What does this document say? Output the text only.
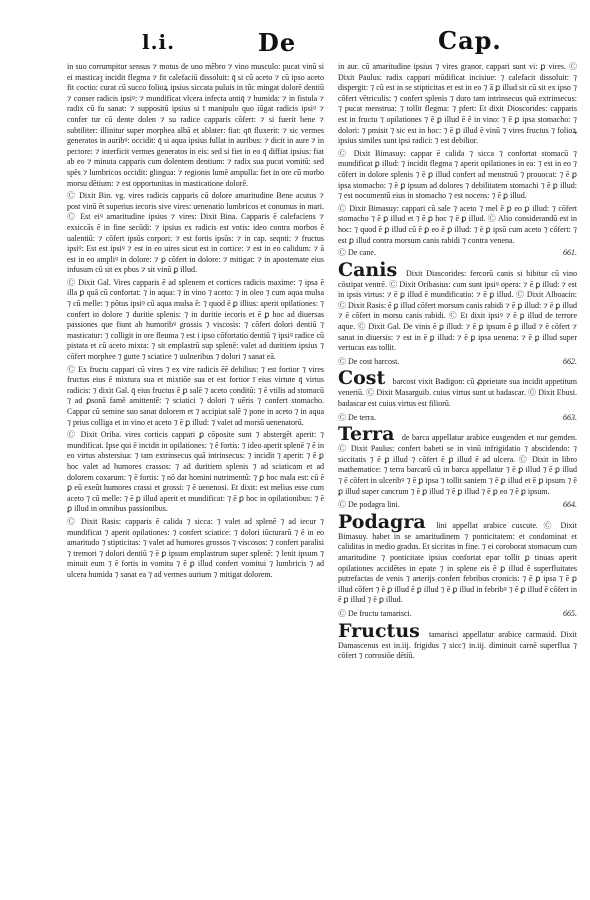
l.i.	De	Cap.

in suo corrumpitur sensus ⁊ motus de uno mēbro ⁊ vino musculo: pucat vinū si ei masticaȝ incidit flegma ⁊ fit calefaciū dissoluit: q̄ si cū aceto ⁊ cū ipso aceto fit coctio: curat cū succo folioꝝ ipsius siccata puluis in tūc mingat dolorē dentiū ⁊ conser radicis ipsiꝰ: ⁊ mundificat vlcera infecta antiq̄ ⁊ humida: ⁊ in fistula ⁊ radix cū fu sanat: ⁊ suppositū ipsius si ī manipulo quo iūgat radicis ipsiꝰ ⁊ confer tur cū dente dolen ⁊ su radice capparis cōfert: ⁊ si fuerit bene ⁊ subtiliter: illinitur super morphea albā et ablater: fiat: qn̄ fluxerit: ⁊ sic vermes generatos in auribꝰ: occidit: q̄ si aqua ipsius fullat in auribus: ⁊ dicit in aure ⁊ in pectore: ⁊ interficit vermes generatos in eis: sed si fiet in eo q̄ diffiat ipsius: fiat ab eo ⁊ minuta capparis cum dolentem dentium: ⁊ radix sua pucat vomitū: sed spēs ⁊ lumbricos occidit: glingua: ⁊ regionis lumē ampulla: fiet in ore cū morbo morsu dētium: ⁊ est opportunitas in masticatione dolorē.

Ⓒ Dixit Bin. vg. vires radicis capparis cū dolore amaritudine Bene acutus ⁊ post vinū ēt superius iecoris sive vires: uenenatio lumbricos et conumus in mari. Ⓒ Est eiꝰ amaritudine ipsius ⁊ vires: Dixit Bina. Capparis ē calefaciens ⁊ exsiccās ē in fine secūdi: ⁊ ipsius ex radicis est vntis: ideo contra morbos ē ualentiū: ⁊ cōfert ipsūs corpori: ⁊ est fortis ipsūs: ⁊ in cap. seqnti: ⁊ fructus ipsiꝰ: Est est ipsiꝰ ⁊ est in eo uires sicut est in cortice: ⁊ est in eo calidum: ⁊ ā est in eo ampliꝰ in dolore: ⁊ ꝑ cōfert in dolore: ⁊ mitigat: ⁊ in apostemate eius infusum cū sit ex pbus ⁊ sit vinū ꝑ illud.

Ⓒ Dixit Gal. Vires capparis ē ad splenem et cortices radicis maxime: ⁊ ipsa ē illa ꝑ quā cū confortat: ⁊ in aqua: ⁊ in vino ⁊ aceto: ⁊ in oleo ⁊ cum aqua mulsa ⁊ cū melle: ⁊ pōtus ipsiꝰ cū aqua mulsa ē: ⁊ quod ē ꝑ illius: aperit opilationes: ⁊ confert in dolore ⁊ duritie splenis: ⁊ in duritie iecoris et ē ꝑ hoc ad diuersas passiones que fiunt ab humoribꝰ grossis ⁊ viscosis: ⁊ cōfert dolori dentiū ⁊ masticatur: ⁊ colligit in ore fleuma ⁊ est i ipso cōfortatio dentiū ⁊ ipsiꝰ radice cū pistata et cū aceto mixta: ⁊ sit emplastrū sup splenē: valet ad duritiem ipsius ⁊ cōfert morphee ⁊ gutte ⁊ sciatice ⁊ uulneribus ⁊ dolori ⁊ sanat eā.

Ⓒ Ex fructu cappari cū vires ⁊ ex vire radicis ēē debilius: ⁊ est fortior ⁊ vires fructus eius ē mixtura sua et mixtiōe sua et est fortior ī eius virtute q̄ virtus radicis: ⁊ dixit Gal. q̄ eius fructus ē ꝑ salē ⁊ aceto conditū: ⁊ ē vtilis ad stomacū ⁊ ad ꝑsonā famē amittentē: ⁊ sciatici ⁊ dolori ⁊ uēris ⁊ confert stomacho. Cappar cū semine suo sanat dolorem et ⁊ accipiat salē ⁊ pone in aceto ⁊ in aqua ⁊ prius colliga et in vino et aceto ⁊ ē ꝑ illud: ⁊ valet ad morsū uenenatorū.

Ⓒ Dixit Oriba. vires corticis cappari ꝑ cōposite sunt ⁊ abstergēt aperit: ⁊ mundificat. Ipse qui ē incidit in opilationes: ⁊ ē fortis: ⁊ ideo aperit splenē ⁊ ē in eo virtus abstersiua: ⁊ tam extrinsecus quā intrinsecus: ⁊ incidit ⁊ aperit: ⁊ ē ꝑ hoc valet ad humores crassos: ⁊ ad duritiem splenis ⁊ ad sciaticam et ad dolorem coxarum: ⁊ ē fortis: ⁊ nō dat homini nutrimentū: ⁊ ꝑ hoc mala est: cū ē ꝑ eū exeūt humores crassi et grossi: ⁊ ē uenenosi. Et dixit: est melius esse cum aceto ⁊ cū melle: ⁊ ē ꝑ illud aperit et mundificat: ⁊ ē ꝑ hoc in opilationibus: ⁊ ē ꝑ illud in omnibus passionibus.

Ⓒ Dixit Rasis: capparis ē calida ⁊ sicca: ⁊ valet ad splenē ⁊ ad iecur ⁊ mundificat ⁊ aperit opilationes: ⁊ confert sciatice: ⁊ dolori iūcturarū ⁊ ē in eo amaritudo ⁊ stipticitas: ⁊ valet ad humores grossos ⁊ viscosos: ⁊ confert paralisi ⁊ tremori ⁊ dolori dentiū ⁊ ē ꝑ ipsum emplastrum super splenē: ⁊ lenit ipsum ⁊ minuit eum ⁊ ē fortis in vomitu ⁊ ē ꝑ illud confert vomitui ⁊ lumbricis ⁊ ad ulcera humida ⁊ sanat ea ⁊ ad vermes aurium ⁊ mitigat dolorem.

in aur. cū amaritudine ipsius ⁊ vires granor. cappari sunt vi: ꝑ vires. Ⓒ Dixit Paulus: radix cappari mūdificat incisiue: ⁊ calefacit dissoluit: ⁊ dispergit: ⁊ cū est in se stipticitas et est in eo ⁊ ā ꝑ illud sit cū sit ex ipso ⁊ cōfert vētriculis: ⁊ confert splenis ⁊ duro tam intrinsecus quā extrinsecus: ⁊ pucat menstrua: ⁊ tollit flegma: ⁊ pfert: Et dixit Dioscorides: capparis est in fructu ⁊ opilationes ⁊ ē ꝑ illud ē ē in vino: ⁊ ē ꝑ ipsa stomacho: ⁊ dolori: ⁊ pmisit ⁊ sic est in hoc: ⁊ ē ꝑ illud ē vinū ⁊ vires fructus ⁊ folioꝝ ipsius similes sunt ipsi radici: ⁊ est debilior.

Ⓒ Dixit Bimasuy: cappar ē calida ⁊ sicca ⁊ confortat stomacū ⁊ mundificat ꝑ illud: ⁊ incidit flegma ⁊ aperit opilationes in ea: ⁊ est in eo ⁊ cōfert in dolore splenis ⁊ ē ꝑ illud confert ad menstruū ⁊ prouocat: ⁊ ē ꝑ ipsa stomacho: ⁊ ē ꝑ ipsum ad dolores ⁊ debilitatem stomachi ⁊ ē ꝑ illud: ⁊ est nocumentū eius in stomacho ⁊ est nocens: ⁊ ē ꝑ illud.

Ⓒ Dixit Bimasuy: cappari cū sale ⁊ aceto ⁊ mel ē ꝑ eo ꝑ illud: ⁊ cōfert stomacho ⁊ ē ꝑ illud et ⁊ ē ꝑ hoc ⁊ ē ꝑ illud. Ⓒ Alio considerandū est in hoc: ⁊ quod ē ꝑ illud cū ē ꝑ eo ē ꝑ illud: ⁊ ē ꝑ ipsū cum aceto ⁊ cōfert: ⁊ est ꝑ illud contra morsum canis rabidi ⁊ contra venena.

Ⓒ De cane.	661.
Canis Dixit Diascorides: fercorū canis si bibitur cū vino cōstipat ventrē. Ⓒ Dixit Oribasius: cum sunt ipsiꝰ opera: ⁊ ē ꝑ illud: ⁊ est in ipsis virtus: ⁊ ē ꝑ illud ē mundificatio: ⁊ ē ꝑ illud. Ⓒ Dixit Alboacin: Ⓒ Dixit Rasis: ē ꝑ illud cōfert morsum canis rabidi ⁊ ē ꝑ illud: ⁊ ē ꝑ illud ⁊ ē cōfert in morsu canis rabidi. Ⓒ Et dixit ipsiꝰ ⁊ ē ꝑ illud de terrore aque. Ⓒ Dixit Gal. De vinis ē ꝑ illud: ⁊ ē ꝑ ipsum ē ꝑ illud ⁊ ē cōfert ⁊ sanat in diuersis: ⁊ est in ē ꝑ illud: ⁊ ē ꝑ ipsa uenena: ⁊ ē ꝑ illud super vertucas eas tollit.
Ⓒ De cost barcost.	662.
Cost barcost vixit Badigon: cū ꝓprietate sua incidit appetitum veneriū. Ⓒ Dixit Masarguib. cuius virtus sunt ut badascar. Ⓒ Dixit Ebusi. badascar est cuius virtus est filiorū.
Ⓒ De terra.	663.
Terra de barca appellatur arabice eusgenden et nur gemden. Ⓒ Dixit Paulus: confert babeti se in vinū infrigidatio ⁊ abscidendo: ⁊ siccitatis ⁊ ē ꝑ illud ⁊ cōfert ē ꝑ illud ē ad ulcera. Ⓒ Dixit in libro mathematice: ⁊ terra barcarū cū in barca appellatur ⁊ ē ꝑ illud ⁊ ē ꝑ illud ⁊ ē cōfert in ulceribꝰ ⁊ ē ꝑ ipsa ⁊ tollit saniem ⁊ ē ꝑ illud et ē ꝑ ipsum ⁊ ē ꝑ illud super cancrum ⁊ ē ꝑ illud ⁊ ē ꝑ illud ⁊ ē ꝑ eo ⁊ ē ꝑ ipsum.
Ⓒ De podagra lini.	664.
Podagra lini appellat arabice cuscute. Ⓒ Dixit Bimasuy. habet in se amaritudinem ⁊ ponticitatem: et condominat et caliditas in medio gradus. Et siccitas in fine. ⁊ ei coroborat stomacum cum amaritudine ⁊ ponticitate ipsius confortat epar tollit ꝑ tinuas aperit opilationes accidētes in epate ⁊ in splene eis ē ꝑ illud ē superfluitates putrefactas de venis ⁊ arterijs confert febribus cronicis: ⁊ ē ꝑ ipsa ⁊ ē ꝑ illud cōfert ⁊ ē ꝑ illud ē ꝑ illud ⁊ ē ꝑ illud in febribꝰ ⁊ ē ꝑ illud ē cōfert in ē ꝑ illud ⁊ ē ꝑ illud.
Ⓒ De fructu tamarisci.	665.
Fructus tamarisci appellatur arabice carmasid. Dixit Damascenus est in.iij. frigidus ⁊ sicc⁊ in.iij. diminuit carnē superflua ⁊ cōfert ⁊ corrosiōe dētiū.
